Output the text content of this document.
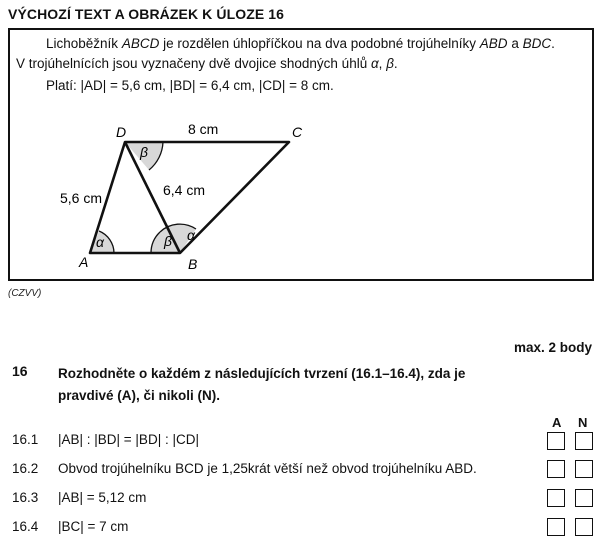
VÝCHOZÍ TEXT A OBRÁZEK K ÚLOZE 16
Lichoběžník ABCD je rozdělen úhlopříčkou na dva podobné trojúhelníky ABD a BDC.
V trojúhelnících jsou vyznačeny dvě dvojice shodných úhlů α, β.
Platí: |AD| = 5,6 cm, |BD| = 6,4 cm, |CD| = 8 cm.
D	C
A	B
8 cm
5,6 cm	6,4 cm
α
β
β α
(CZVV)
max. 2 body
16 Rozhodněte o každém z následujících tvrzení (16.1–16.4), zda je
pravdivé (A), či nikoli (N).
A N
16.1 |AB| : |BD| = |BD| : |CD|
16.2 Obvod trojúhelníku BCD je 1,25krát větší než obvod trojúhelníku ABD.
16.3 |AB| = 5,12 cm
16.4 |BC| = 7 cm
